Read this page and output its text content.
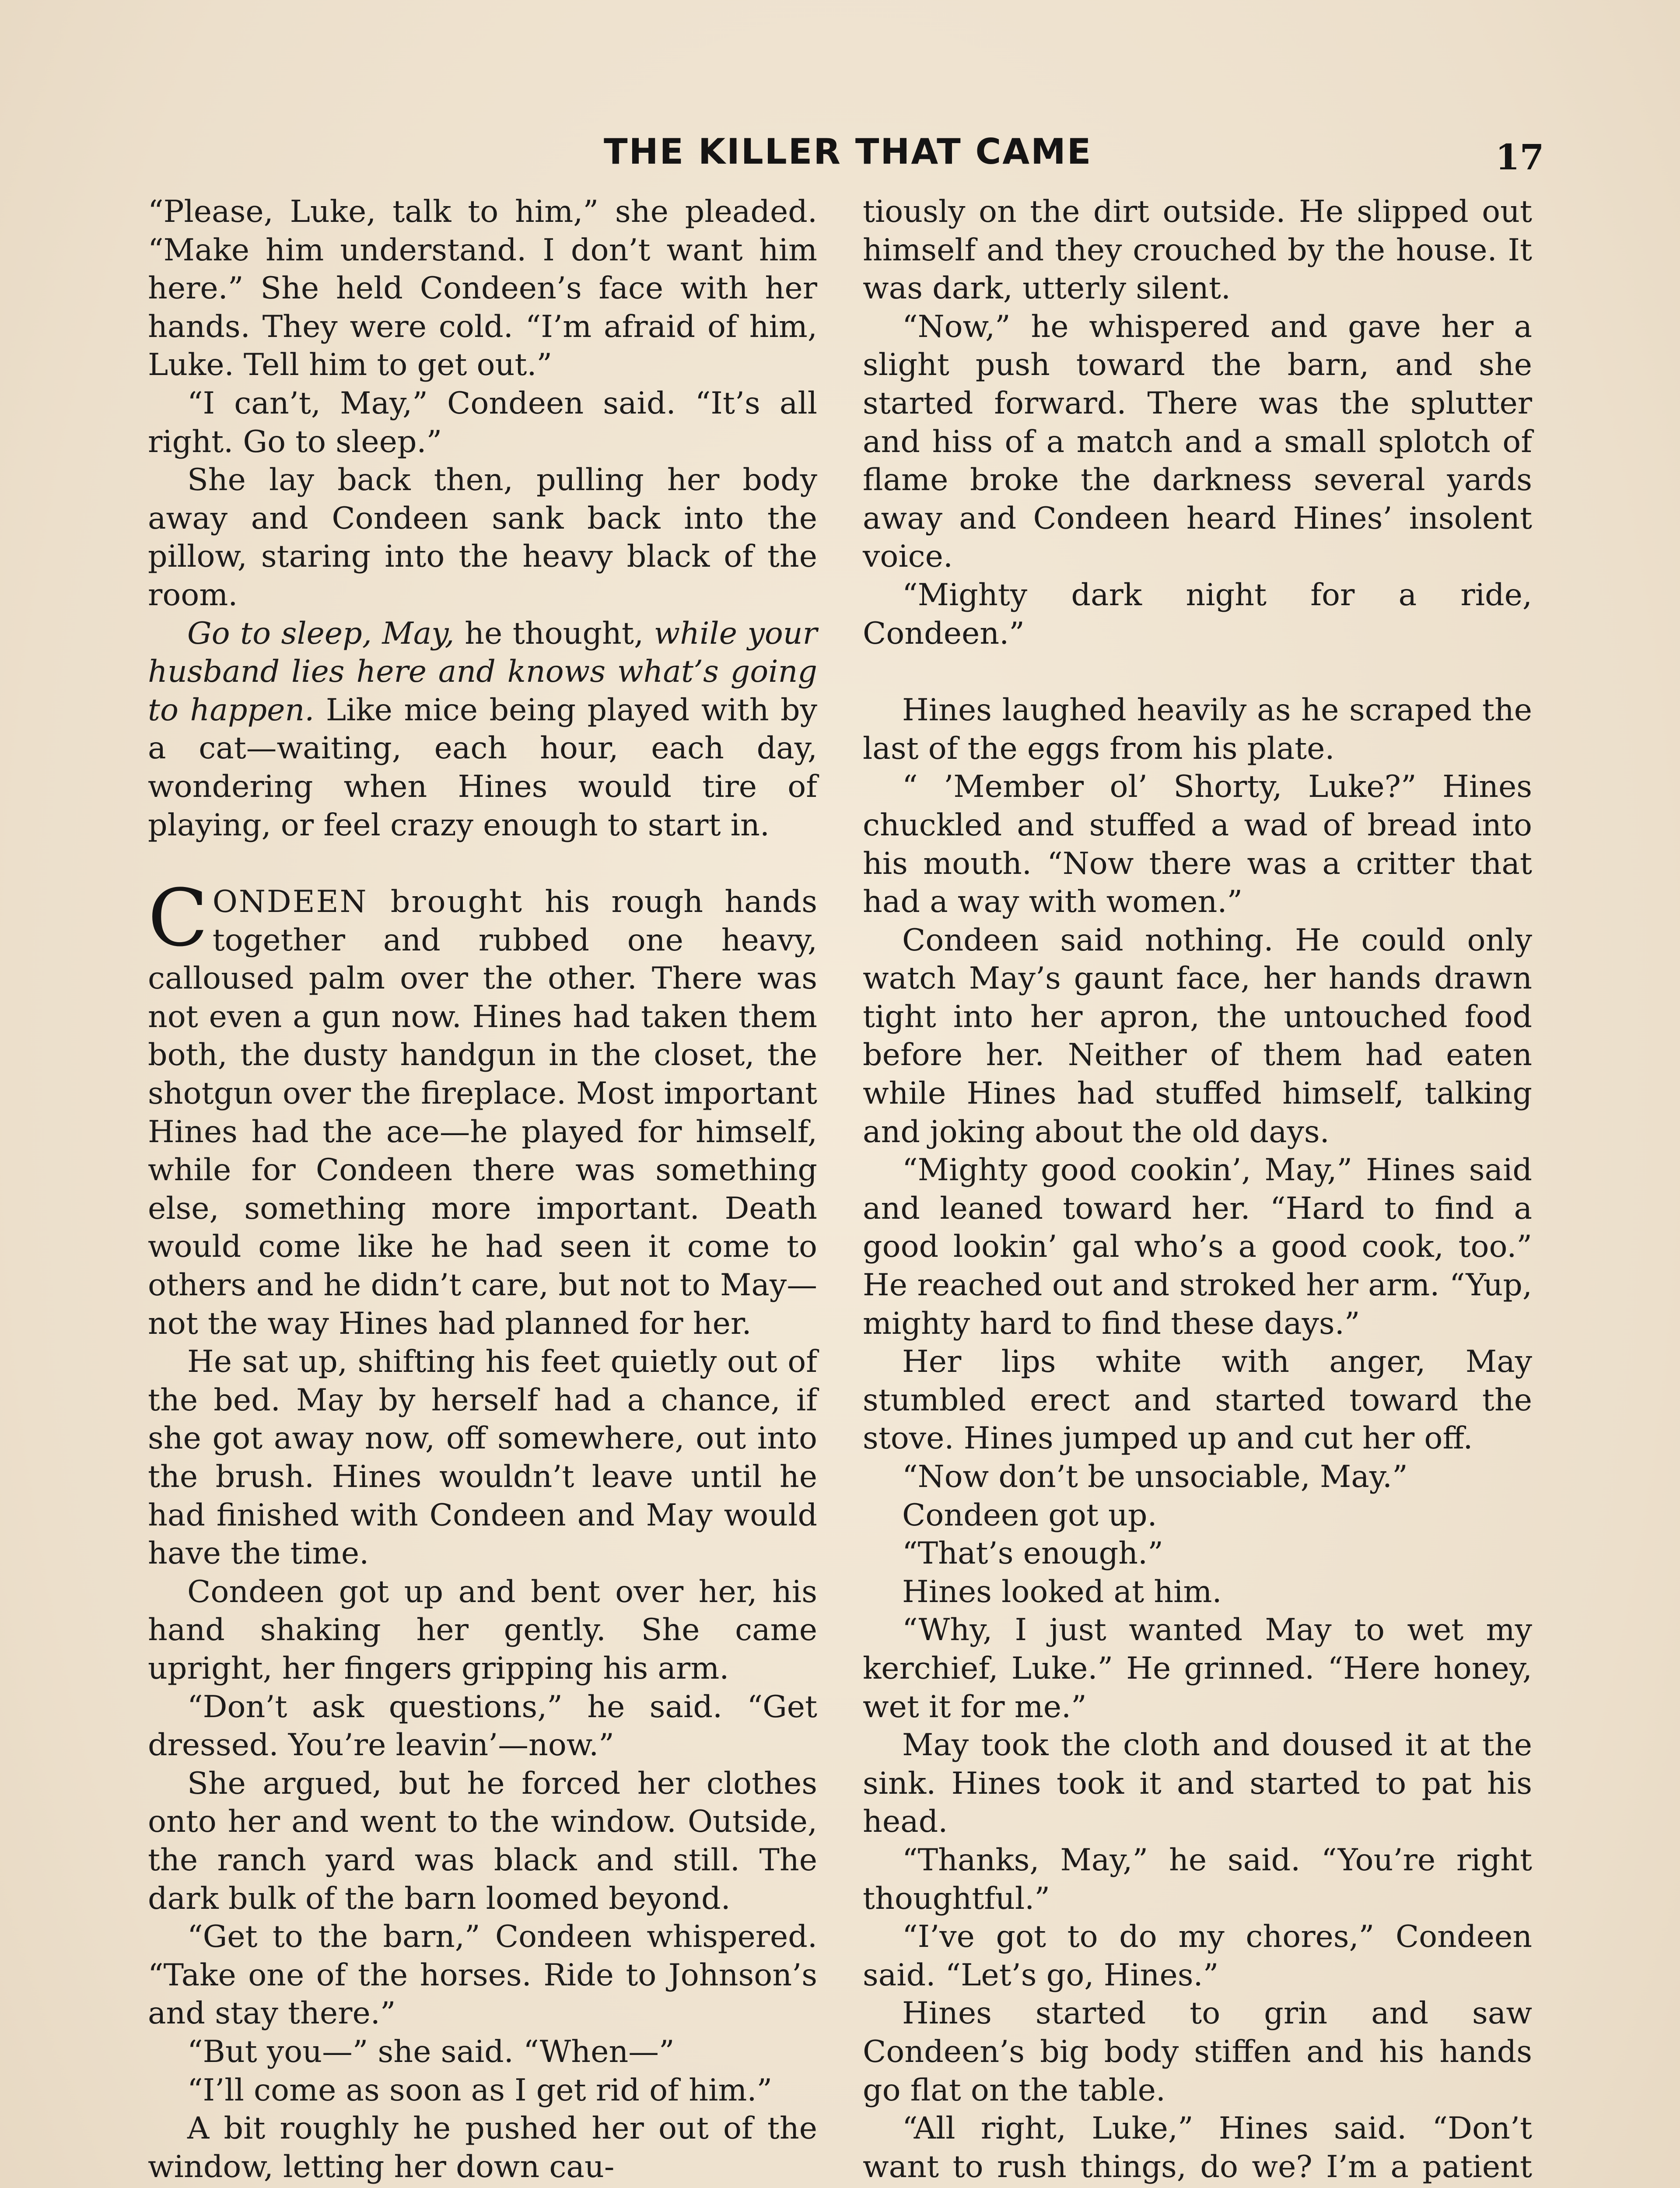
THE KILLER THAT CAME	17

“Please, Luke, talk to him,” she pleaded. “Make him understand. I don’t want him here.” She held Condeen’s face with her hands. They were cold. “I’m afraid of him, Luke. Tell him to get out.”

“I can’t, May,” Condeen said. “It’s all right. Go to sleep.”

She lay back then, pulling her body away and Condeen sank back into the pillow, staring into the heavy black of the room.

Go to sleep, May, he thought, while your husband lies here and knows what’s going to happen. Like mice being played with by a cat—waiting, each hour, each day, wondering when Hines would tire of playing, or feel crazy enough to start in.

CONDEEN brought his rough hands together and rubbed one heavy, calloused palm over the other. There was not even a gun now. Hines had taken them both, the dusty handgun in the closet, the shotgun over the fireplace. Most important Hines had the ace—he played for himself, while for Condeen there was something else, something more important. Death would come like he had seen it come to others and he didn’t care, but not to May—not the way Hines had planned for her.

He sat up, shifting his feet quietly out of the bed. May by herself had a chance, if she got away now, off somewhere, out into the brush. Hines wouldn’t leave until he had finished with Condeen and May would have the time.

Condeen got up and bent over her, his hand shaking her gently. She came upright, her fingers gripping his arm.

“Don’t ask questions,” he said. “Get dressed. You’re leavin’—now.”

She argued, but he forced her clothes onto her and went to the window. Outside, the ranch yard was black and still. The dark bulk of the barn loomed beyond.

“Get to the barn,” Condeen whispered. “Take one of the horses. Ride to Johnson’s and stay there.”

“But you—” she said. “When—”

“I’ll come as soon as I get rid of him.”

A bit roughly he pushed her out of the window, letting her down cau-

tiously on the dirt outside. He slipped out himself and they crouched by the house. It was dark, utterly silent.

“Now,” he whispered and gave her a slight push toward the barn, and she started forward. There was the splutter and hiss of a match and a small splotch of flame broke the darkness several yards away and Condeen heard Hines’ insolent voice.

“Mighty dark night for a ride, Condeen.”

Hines laughed heavily as he scraped the last of the eggs from his plate.

“ ’Member ol’ Shorty, Luke?” Hines chuckled and stuffed a wad of bread into his mouth. “Now there was a critter that had a way with women.”

Condeen said nothing. He could only watch May’s gaunt face, her hands drawn tight into her apron, the untouched food before her. Neither of them had eaten while Hines had stuffed himself, talking and joking about the old days.

“Mighty good cookin’, May,” Hines said and leaned toward her. “Hard to find a good lookin’ gal who’s a good cook, too.” He reached out and stroked her arm. “Yup, mighty hard to find these days.”

Her lips white with anger, May stumbled erect and started toward the stove. Hines jumped up and cut her off.

“Now don’t be unsociable, May.”

Condeen got up.

“That’s enough.”

Hines looked at him.

“Why, I just wanted May to wet my kerchief, Luke.” He grinned. “Here honey, wet it for me.”

May took the cloth and doused it at the sink. Hines took it and started to pat his head.

“Thanks, May,” he said. “You’re right thoughtful.”

“I’ve got to do my chores,” Condeen said. “Let’s go, Hines.”

Hines started to grin and saw Condeen’s big body stiffen and his hands go flat on the table.

“All right, Luke,” Hines said. “Don’t want to rush things, do we? I’m a patient
